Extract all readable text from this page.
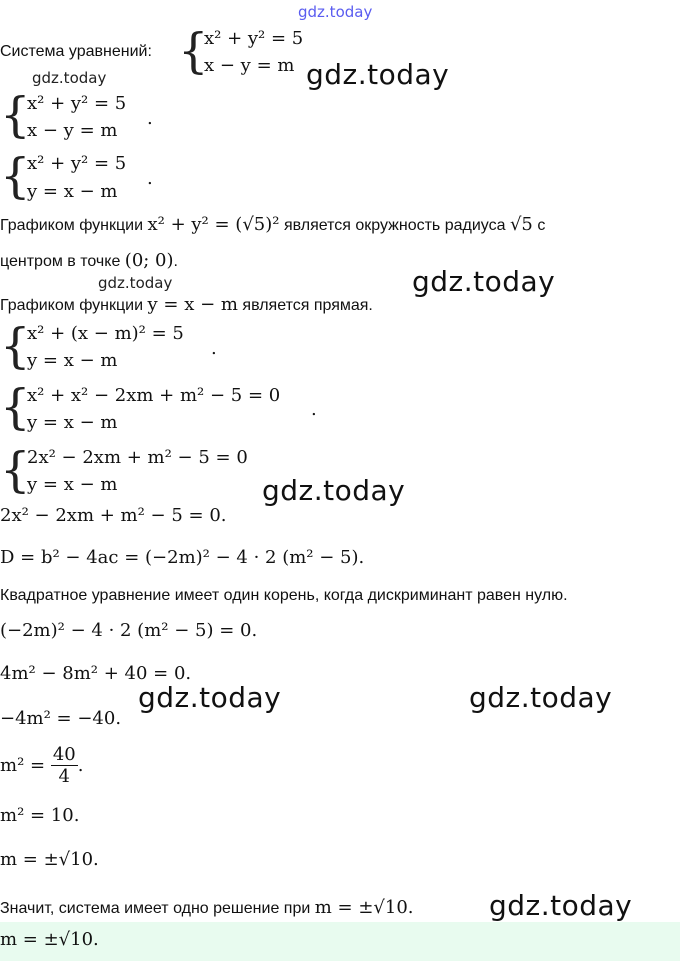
gdz.today
gdz.today	gdz.today
gdz.today	gdz.today
gdz.today
gdz.today	gdz.today
gdz.today
Система уравнений: {
x² + y² = 5
x − y = m
{
x² + y² = 5
x − y = m
.
{
x² + y² = 5
y = x − m
.
Графиком функции x² + y² = (√5)² является окружность радиуса √5 с
центром в точке (0; 0).
Графиком функции y = x − m является прямая.
{
x² + (x − m)² = 5
y = x − m
.
{
x² + x² − 2xm + m² − 5 = 0
y = x − m
.
{
2x² − 2xm + m² − 5 = 0
y = x − m
2x² − 2xm + m² − 5 = 0.
D = b² − 4ac = (−2m)² − 4 · 2 (m² − 5).
Квадратное уравнение имеет один корень, когда дискриминант равен нулю.
(−2m)² − 4 · 2 (m² − 5) = 0.
4m² − 8m² + 40 = 0.
−4m² = −40.
$m^2 = \frac{40}{4}$ .
m² = 10.
m = ±√10.
Значит, система имеет одно решение при m = ±√10.
m = ±√10.
